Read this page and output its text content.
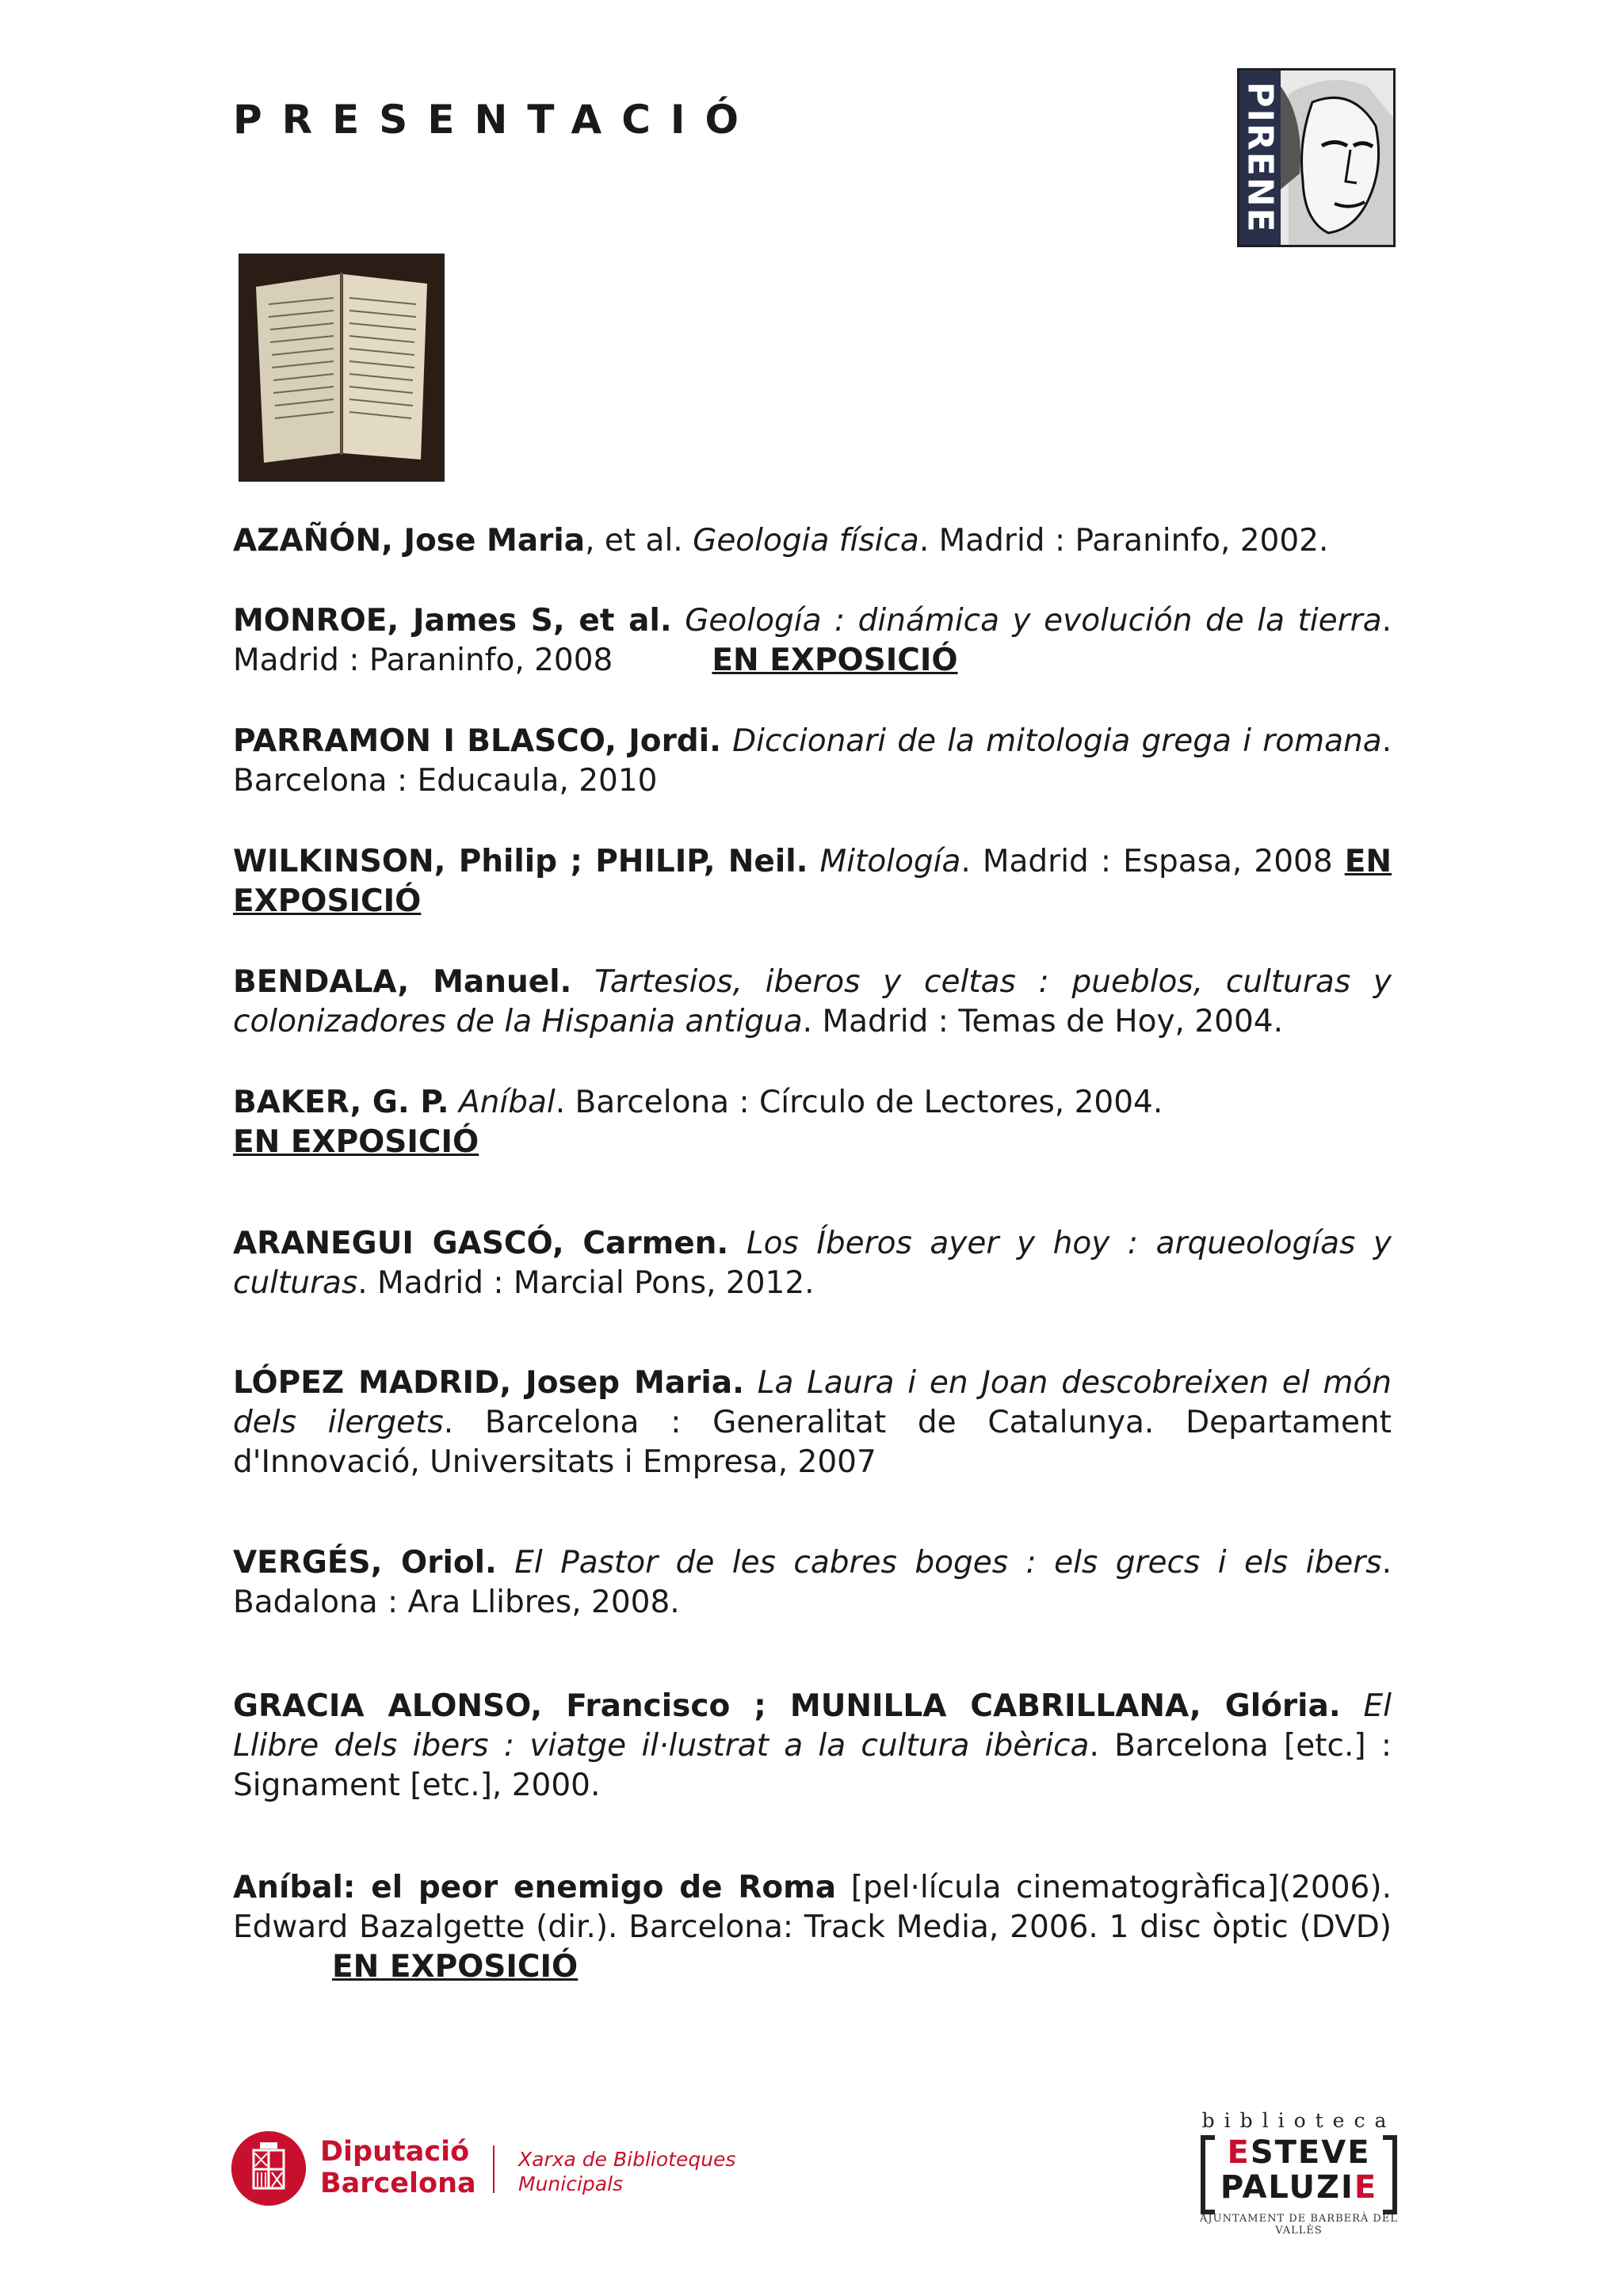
PRESENTACIÓ	PIRENE
AZAÑÓN, Jose Maria, et al. Geologia física. Madrid : Paraninfo, 2002.
MONROE, James S, et al. Geología : dinámica y evolución de la tierra. Madrid : Paraninfo, 2008	EN EXPOSICIÓ
PARRAMON I BLASCO, Jordi. Diccionari de la mitologia grega i romana. Barcelona : Educaula, 2010
WILKINSON, Philip ; PHILIP, Neil. Mitología. Madrid : Espasa, 2008 EN EXPOSICIÓ
BENDALA, Manuel. Tartesios, iberos y celtas : pueblos, culturas y colonizadores de la Hispania antigua. Madrid : Temas de Hoy, 2004.
BAKER, G. P. Aníbal. Barcelona : Círculo de Lectores, 2004. EN EXPOSICIÓ
ARANEGUI GASCÓ, Carmen. Los Íberos ayer y hoy : arqueologías y culturas. Madrid : Marcial Pons, 2012.
LÓPEZ MADRID, Josep Maria. La Laura i en Joan descobreixen el món dels ilergets. Barcelona : Generalitat de Catalunya. Departament d'Innovació, Universitats i Empresa, 2007
VERGÉS, Oriol. El Pastor de les cabres boges : els grecs i els ibers. Badalona : Ara Llibres, 2008.
GRACIA ALONSO, Francisco ; MUNILLA CABRILLANA, Glória. El Llibre dels ibers : viatge il·lustrat a la cultura ibèrica. Barcelona [etc.] : Signament [etc.], 2000.
Aníbal: el peor enemigo de Roma [pel·lícula cinematogràfica](2006). Edward Bazalgette (dir.). Barcelona: Track Media, 2006. 1 disc òptic (DVD)EN EXPOSICIÓ
Diputació
Barcelona
Xarxa de Biblioteques
Municipals
biblioteca
ESTEVE
PALUZIE
AJUNTAMENT DE BARBERÀ DEL VALLÈS
